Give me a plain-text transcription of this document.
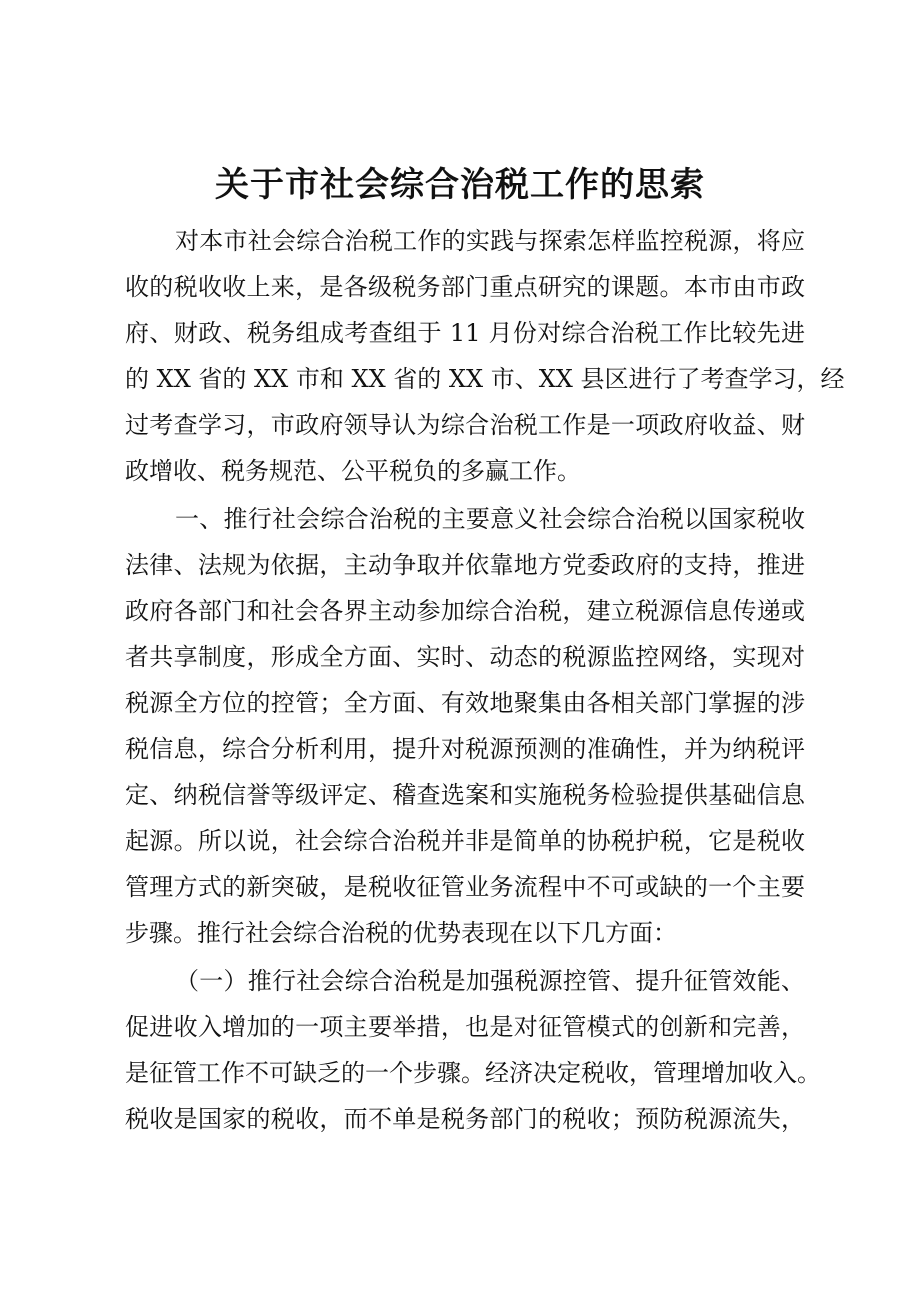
关于市社会综合治税工作的思索
对本市社会综合治税工作的实践与探索怎样监控税源，将应
收的税收收上来，是各级税务部门重点研究的课题。本市由市政
府、财政、税务组成考查组于 11 月份对综合治税工作比较先进
的 XX 省的 XX 市和 XX 省的 XX 市、XX 县区进行了考查学习，经
过考查学习，市政府领导认为综合治税工作是一项政府收益、财
政增收、税务规范、公平税负的多赢工作。
一、推行社会综合治税的主要意义社会综合治税以国家税收
法律、法规为依据，主动争取并依靠地方党委政府的支持，推进
政府各部门和社会各界主动参加综合治税，建立税源信息传递或
者共享制度，形成全方面、实时、动态的税源监控网络，实现对
税源全方位的控管；全方面、有效地聚集由各相关部门掌握的涉
税信息，综合分析利用，提升对税源预测的准确性，并为纳税评
定、纳税信誉等级评定、稽查选案和实施税务检验提供基础信息
起源。所以说，社会综合治税并非是简单的协税护税，它是税收
管理方式的新突破，是税收征管业务流程中不可或缺的一个主要
步骤。推行社会综合治税的优势表现在以下几方面：
（一）推行社会综合治税是加强税源控管、提升征管效能、
促进收入增加的一项主要举措，也是对征管模式的创新和完善，
是征管工作不可缺乏的一个步骤。经济决定税收，管理增加收入。
税收是国家的税收，而不单是税务部门的税收；预防税源流失，
